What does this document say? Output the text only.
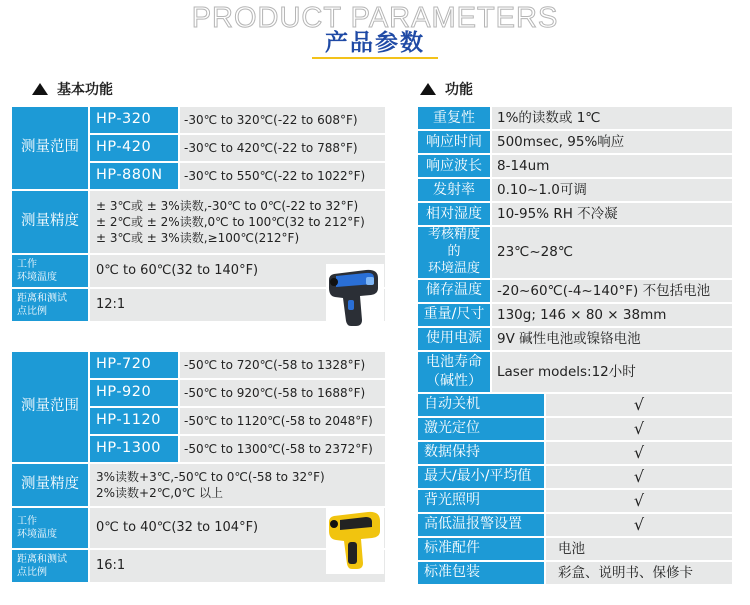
PRODUCT PARAMETERS
产品参数
基本功能
测量范围	HP-320	-30℃ to 320℃(-22 to 608°F)
	HP-420	-30℃ to 420℃(-22 to 788°F)
	HP-880N	-30℃ to 550℃(-22 to 1022°F)
测量精度	± 3℃或 ± 3%读数,-30℃ to 0℃(-22 to 32°F)
± 2℃或 ± 2%读数,0℃ to 100℃(32 to 212°F)
± 3℃或 ± 3%读数,≥100℃(212°F)	

工作
环境温度	0℃ to 60℃(32 to 140°F)	

距离和测试
点比例	12:1	
测量范围	HP-720	-50℃ to 720℃(-58 to 1328°F)
	HP-920	-50℃ to 920℃(-58 to 1688°F)
	HP-1120	-50℃ to 1120℃(-58 to 2048°F)
	HP-1300	-50℃ to 1300℃(-58 to 2372°F)
测量精度	3%读数+3℃,-50℃ to 0℃(-58 to 32°F)
2%读数+2℃,0℃ 以上	

工作
环境温度	0℃ to 40℃(32 to 104°F)	

距离和测试
点比例	16:1	
功能
重复性	1%的读数或 1℃	
响应时间	500msec, 95%响应	
响应波长	8-14um	
发射率	0.10~1.0可调	
相对湿度	10-95% RH 不冷凝	

考核精度的
环境温度	23℃~28℃	
储存温度	-20~60℃(-4~140°F) 不包括电池	
重量/尺寸	130g; 146 × 80 × 38mm	
使用电源	9V 碱性电池或镍铬电池	

电池寿命
（碱性）	Laser models:12小时	
自动关机		√
激光定位		√
数据保持		√
最大/最小/平均值		√
背光照明		√
高低温报警设置		√
标准配件		电池
标准包装		彩盒、说明书、保修卡
